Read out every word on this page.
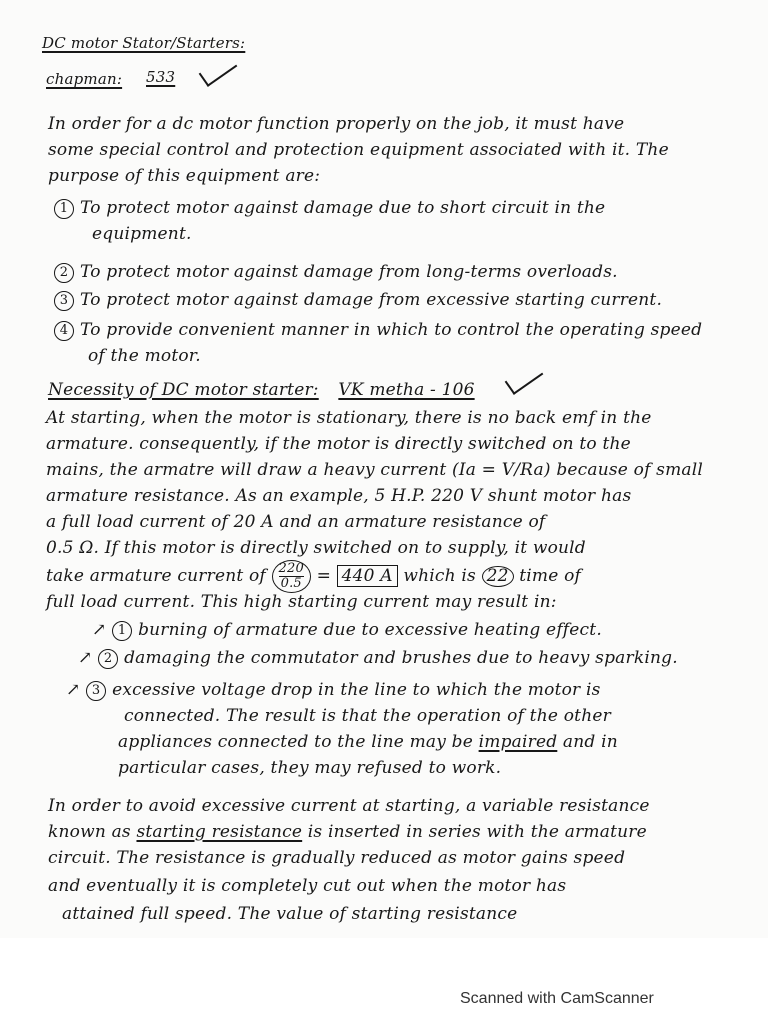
DC motor Stator/Starters:
chapman: 533
In order for a dc motor function properly on the job, it must have
some special control and protection equipment associated with it. The
purpose of this equipment are:
1 To protect motor against damage due to short circuit in the
equipment.
2 To protect motor against damage from long-terms overloads.
3 To protect motor against damage from excessive starting current.
4 To provide convenient manner in which to control the operating speed
of the motor.
Necessity of DC motor starter: VK metha - 106
At starting, when the motor is stationary, there is no back emf in the
armature. consequently, if the motor is directly switched on to the
mains, the armatre will draw a heavy current (Ia = V/Ra) because of small
armature resistance. As an example, 5 H.P. 220 V shunt motor has
a full load current of 20 A and an armature resistance of
0.5 Ω. If this motor is directly switched on to supply, it would
take armature current of $\frac{220}{0.5} = 440$ A which is 22 time of
full load current. This high starting current may result in:
↗ 1 burning of armature due to excessive heating effect.
↗ 2 damaging the commutator and brushes due to heavy sparking.
↗ 3 excessive voltage drop in the line to which the motor is
connected. The result is that the operation of the other
appliances connected to the line may be impaired and in
particular cases, they may refused to work.
In order to avoid excessive current at starting, a variable resistance
known as starting resistance is inserted in series with the armature
circuit. The resistance is gradually reduced as motor gains speed
and eventually it is completely cut out when the motor has
attained full speed. The value of starting resistance
Scanned with CamScanner
